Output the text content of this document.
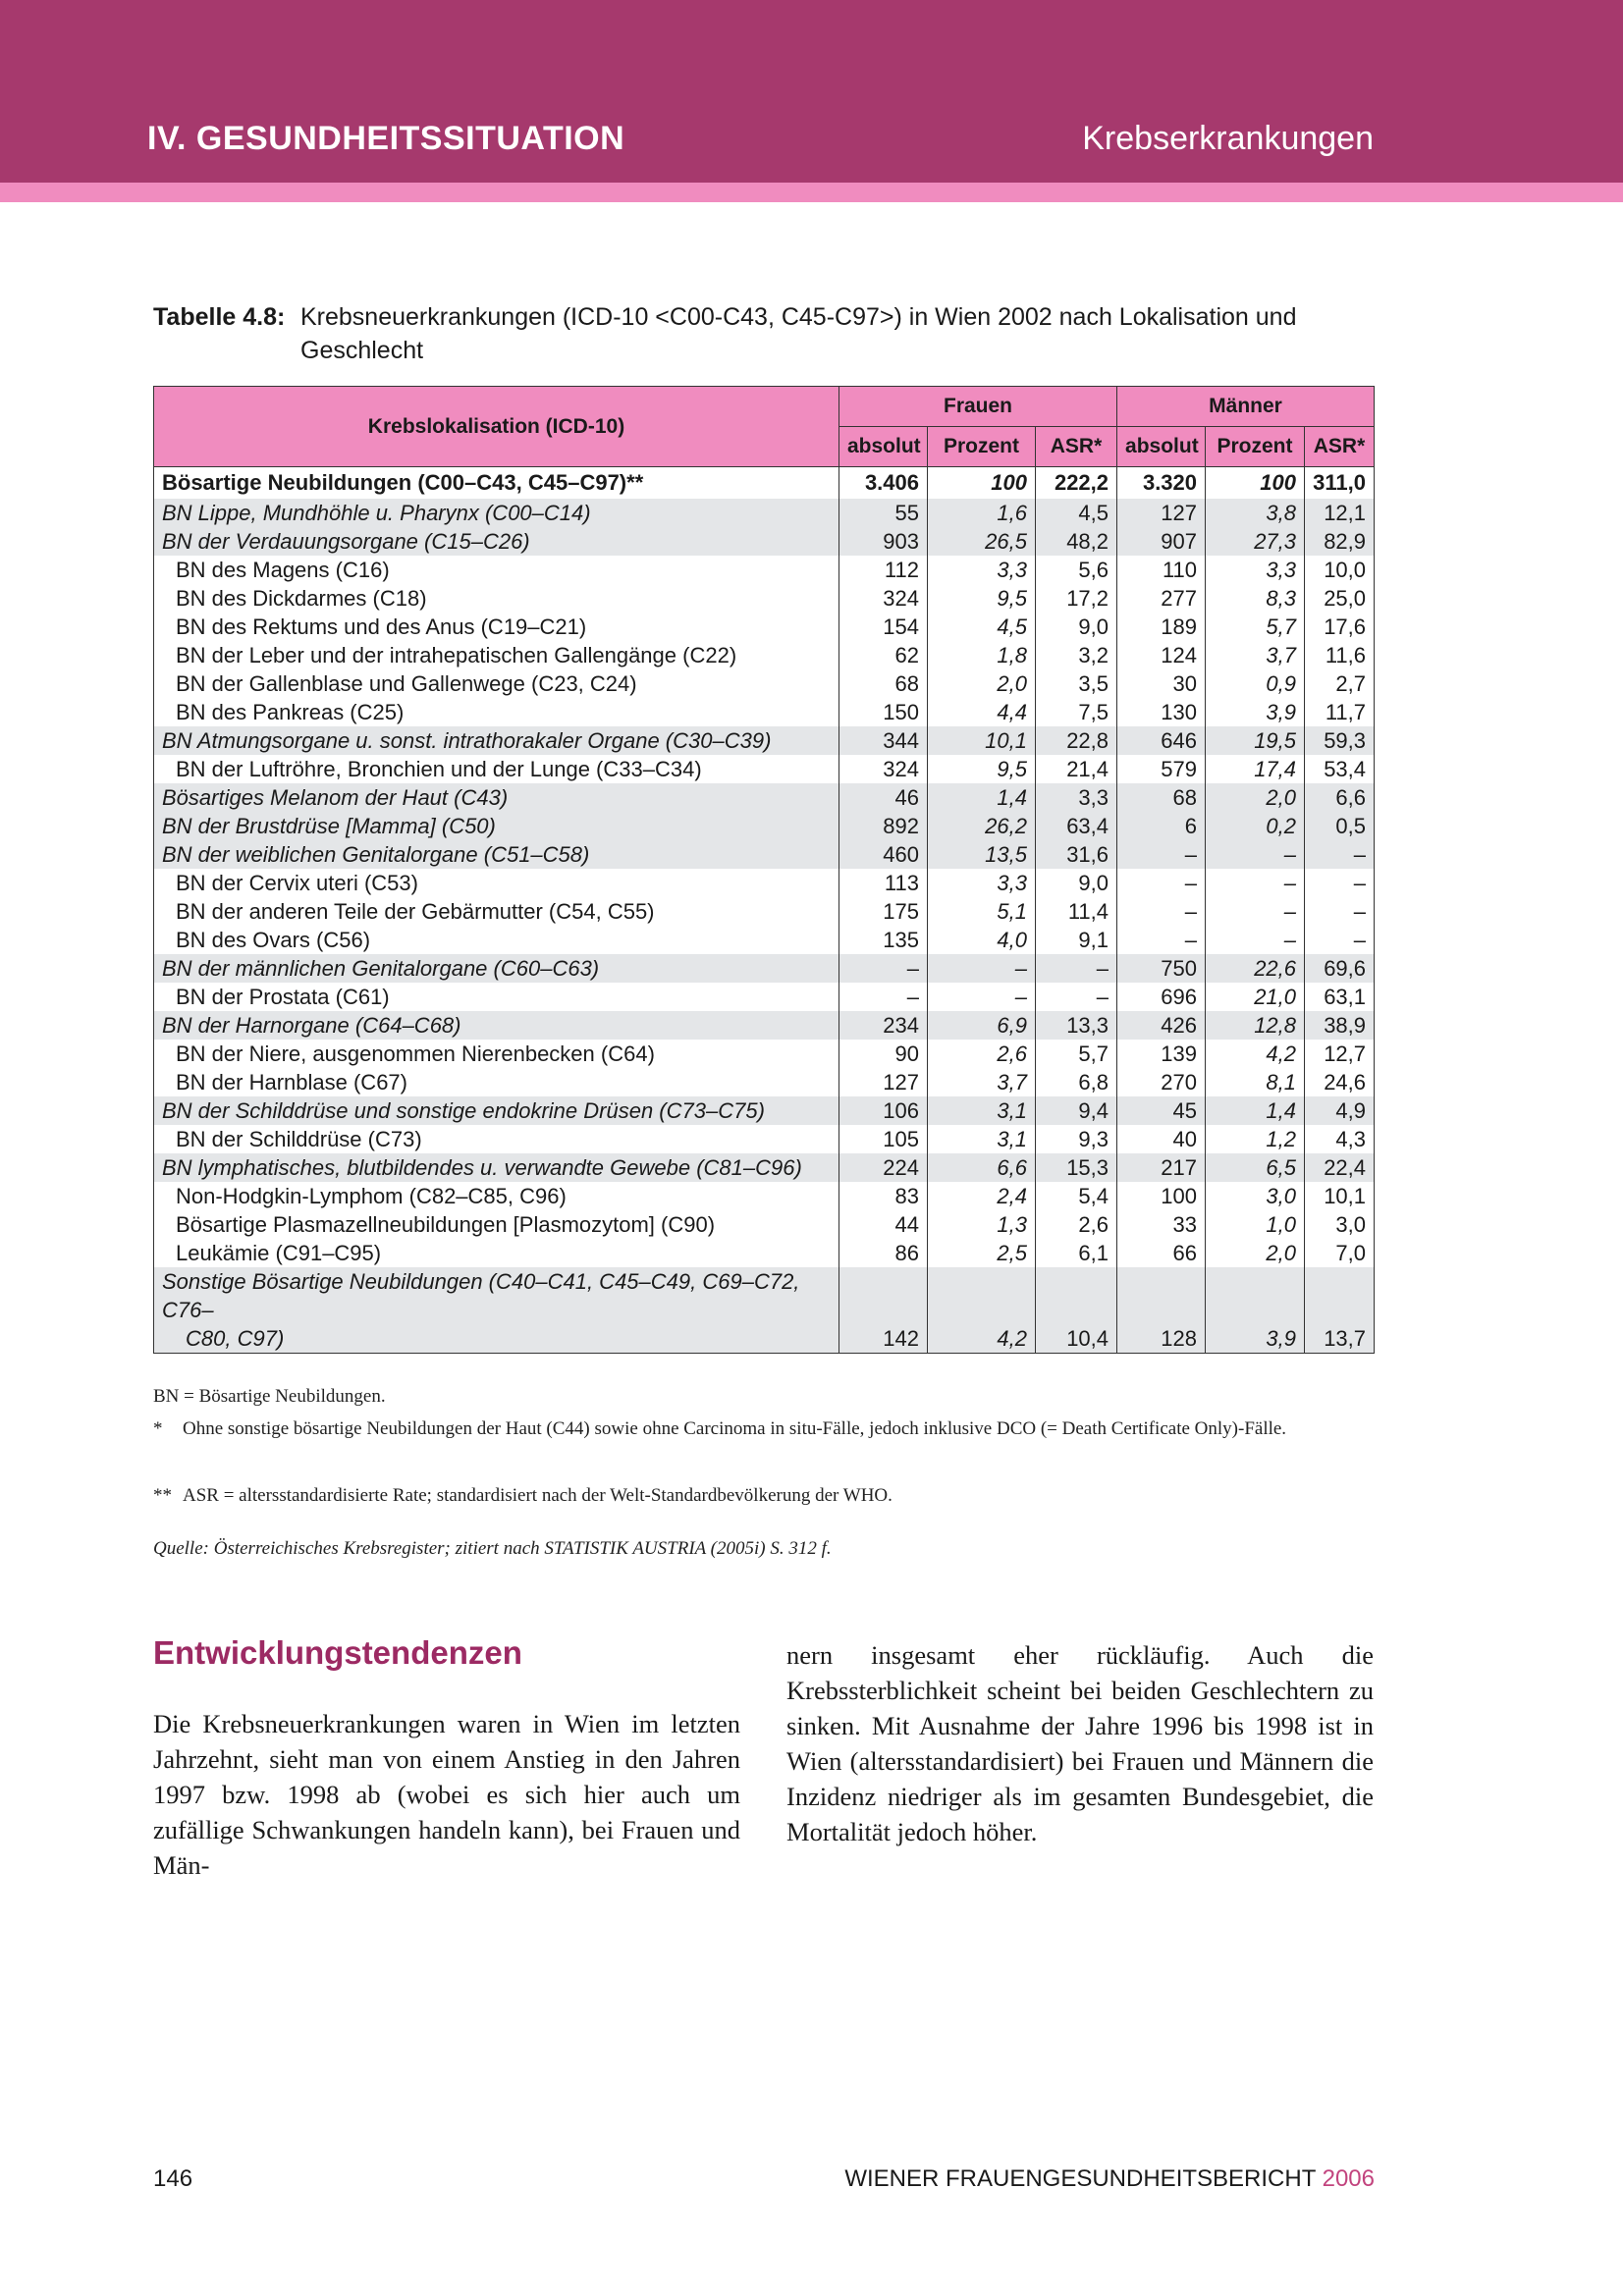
IV. GESUNDHEITSSITUATION	Krebserkrankungen
Tabelle 4.8: Krebsneuerkrankungen (ICD-10 <C00-C43, C45-C97>) in Wien 2002 nach Lokalisation und Geschlecht
Krebslokalisation (ICD-10)	Frauen			Männer		
	absolut	Prozent	ASR*	absolut	Prozent	ASR*
Bösartige Neubildungen (C00–C43, C45–C97)**	3.406	100	222,2	3.320	100	311,0
BN Lippe, Mundhöhle u. Pharynx (C00–C14)	55	1,6	4,5	127	3,8	12,1
BN der Verdauungsorgane (C15–C26)	903	26,5	48,2	907	27,3	82,9
BN des Magens (C16)	112	3,3	5,6	110	3,3	10,0
BN des Dickdarmes (C18)	324	9,5	17,2	277	8,3	25,0
BN des Rektums und des Anus (C19–C21)	154	4,5	9,0	189	5,7	17,6
BN der Leber und der intrahepatischen Gallengänge (C22)	62	1,8	3,2	124	3,7	11,6
BN der Gallenblase und Gallenwege (C23, C24)	68	2,0	3,5	30	0,9	2,7
BN des Pankreas (C25)	150	4,4	7,5	130	3,9	11,7
BN Atmungsorgane u. sonst. intrathorakaler Organe (C30–C39)	344	10,1	22,8	646	19,5	59,3
BN der Luftröhre, Bronchien und der Lunge (C33–C34)	324	9,5	21,4	579	17,4	53,4
Bösartiges Melanom der Haut (C43)	46	1,4	3,3	68	2,0	6,6
BN der Brustdrüse [Mamma] (C50)	892	26,2	63,4	6	0,2	0,5
BN der weiblichen Genitalorgane (C51–C58)	460	13,5	31,6	–	–	–
BN der Cervix uteri (C53)	113	3,3	9,0	–	–	–
BN der anderen Teile der Gebärmutter (C54, C55)	175	5,1	11,4	–	–	–
BN des Ovars (C56)	135	4,0	9,1	–	–	–
BN der männlichen Genitalorgane (C60–C63)	–	–	–	750	22,6	69,6
BN der Prostata (C61)	–	–	–	696	21,0	63,1
BN der Harnorgane (C64–C68)	234	6,9	13,3	426	12,8	38,9
BN der Niere, ausgenommen Nierenbecken (C64)	90	2,6	5,7	139	4,2	12,7
BN der Harnblase (C67)	127	3,7	6,8	270	8,1	24,6
BN der Schilddrüse und sonstige endokrine Drüsen (C73–C75)	106	3,1	9,4	45	1,4	4,9
BN der Schilddrüse (C73)	105	3,1	9,3	40	1,2	4,3
BN lymphatisches, blutbildendes u. verwandte Gewebe (C81–C96)	224	6,6	15,3	217	6,5	22,4
Non-Hodgkin-Lymphom (C82–C85, C96)	83	2,4	5,4	100	3,0	10,1
Bösartige Plasmazellneubildungen [Plasmozytom] (C90)	44	1,3	2,6	33	1,0	3,0
Leukämie (C91–C95)	86	2,5	6,1	66	2,0	7,0
Sonstige Bösartige Neubildungen (C40–C41, C45–C49, C69–C72, C76–
C80, C97)	142	4,2	10,4	128	3,9	13,7
BN = Bösartige Neubildungen.
* Ohne sonstige bösartige Neubildungen der Haut (C44) sowie ohne Carcinoma in situ-Fälle, jedoch inklusive DCO (= Death Certificate Only)-Fälle.
** ASR = altersstandardisierte Rate; standardisiert nach der Welt-Standardbevölkerung der WHO.
Quelle: Österreichisches Krebsregister; zitiert nach STATISTIK AUSTRIA (2005i) S. 312 f.
Entwicklungstendenzen
Die Krebsneuerkrankungen waren in Wien im letzten Jahrzehnt, sieht man von einem Anstieg in den Jahren 1997 bzw. 1998 ab (wobei es sich hier auch um zufällige Schwankungen handeln kann), bei Frauen und Män-
nern insgesamt eher rückläufig. Auch die Krebssterblichkeit scheint bei beiden Geschlechtern zu sinken. Mit Ausnahme der Jahre 1996 bis 1998 ist in Wien (altersstandardisiert) bei Frauen und Männern die Inzidenz niedriger als im gesamten Bundesgebiet, die Mortalität jedoch höher.
146	WIENER FRAUENGESUNDHEITSBERICHT 2006
